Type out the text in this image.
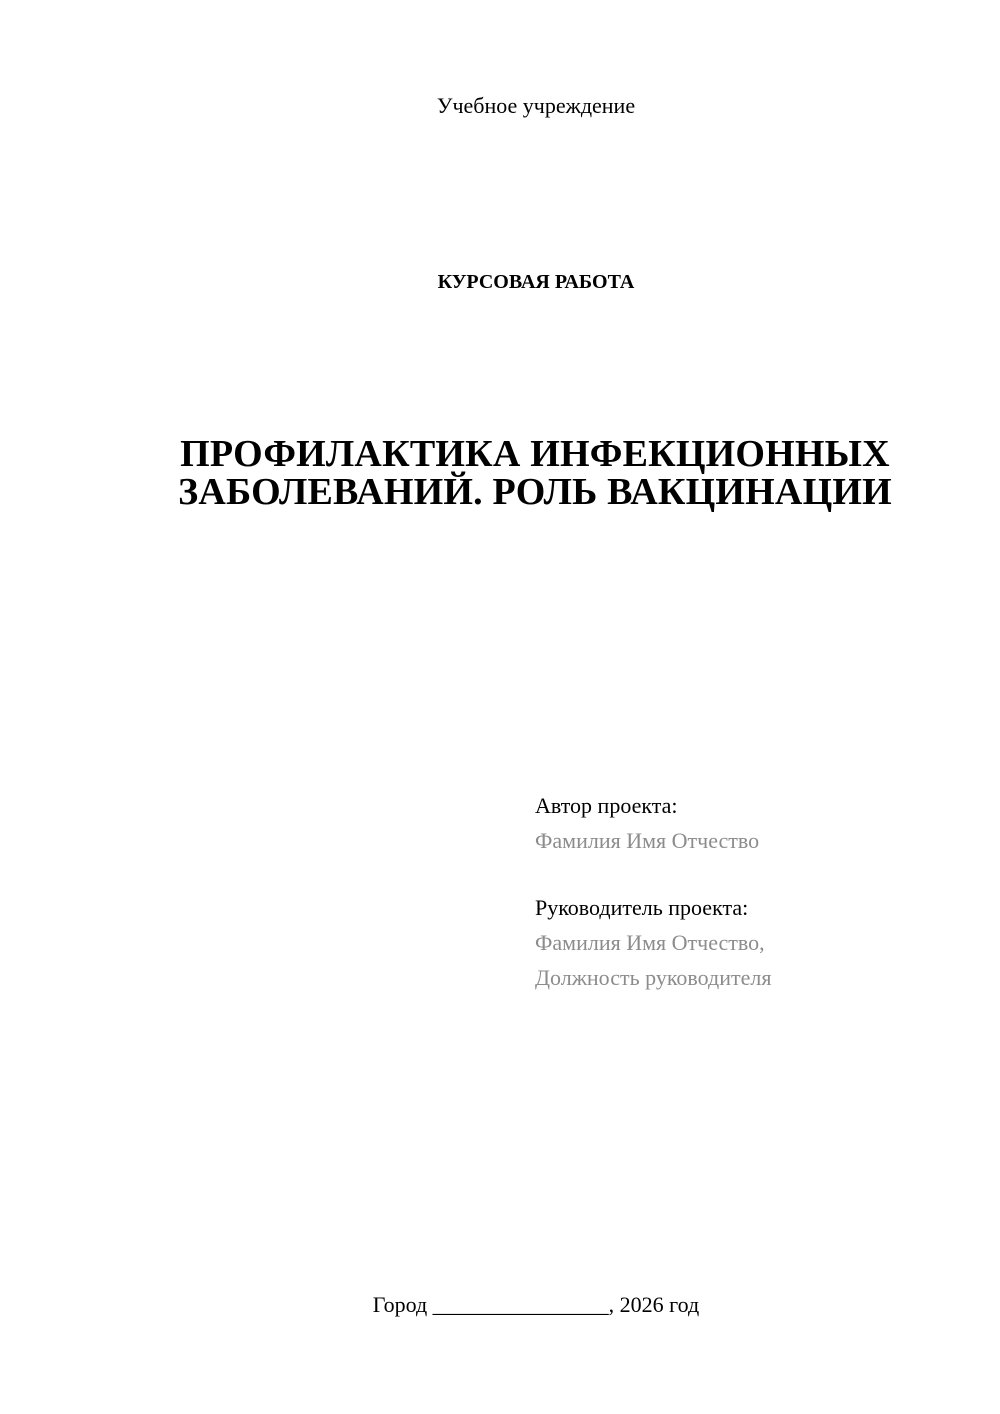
Учебное учреждение
КУРСОВАЯ РАБОТА
ПРОФИЛАКТИКА ИНФЕКЦИОННЫХ
ЗАБОЛЕВАНИЙ. РОЛЬ ВАКЦИНАЦИИ
Автор проекта:
Фамилия Имя Отчество
Руководитель проекта:
Фамилия Имя Отчество,
Должность руководителя
Город ________________, 2026 год
